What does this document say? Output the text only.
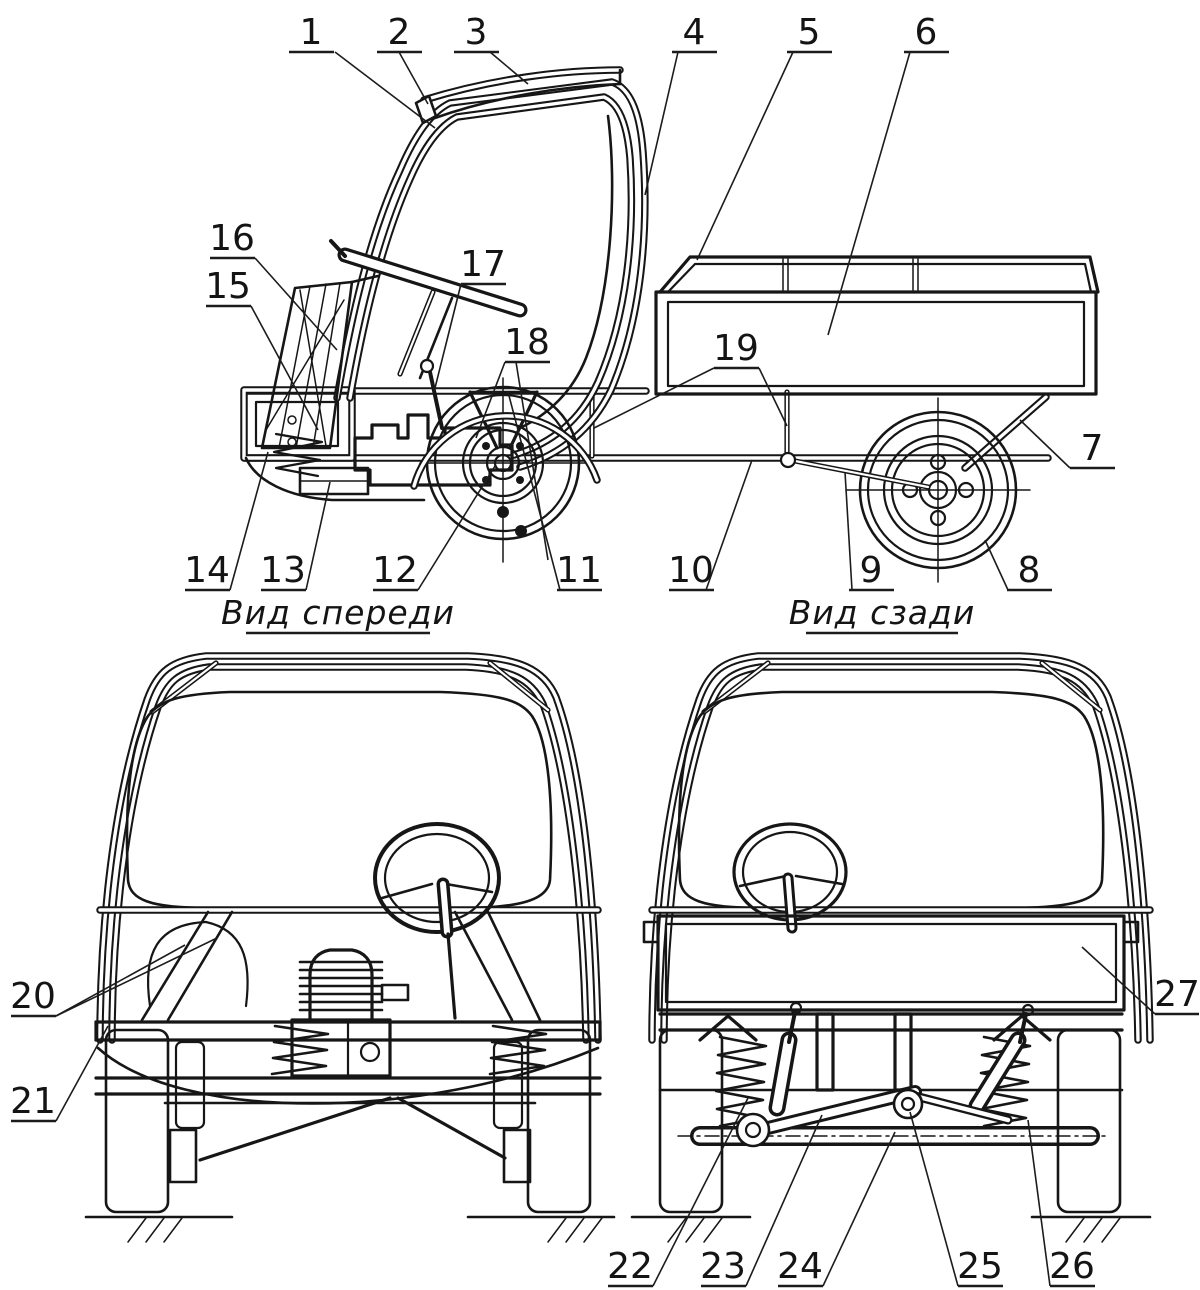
Вид спереди	Вид сзади
1 2 3	4	5	6
7
8
9
10
11
12
13
14
15
16
17
18	19
20
21
22 23 24	25 26
27
